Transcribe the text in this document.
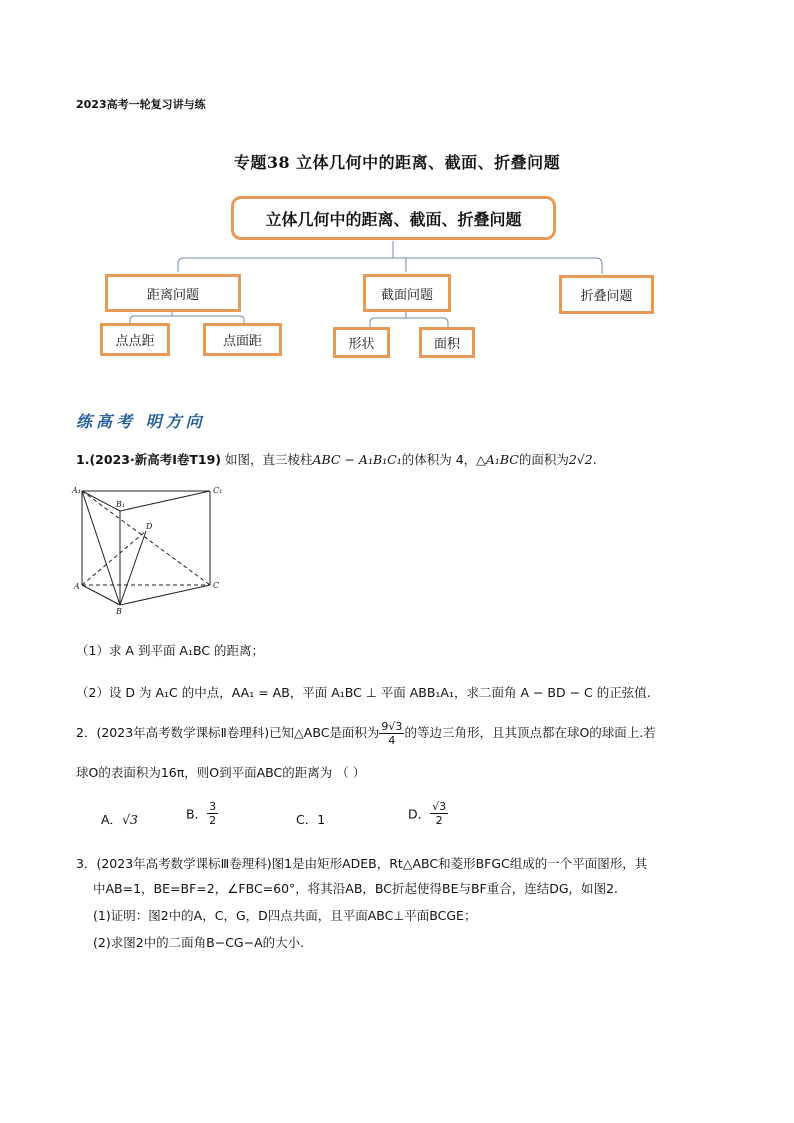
2023高考一轮复习讲与练
专题38 立体几何中的距离、截面、折叠问题
立体几何中的距离、截面、折叠问题
距离问题	截面问题	折叠问题
点点距	点面距	形状	面积
练高考 明方向
1.(2023·新高考Ⅰ卷T19) 如图，直三棱柱ABC − A₁B₁C₁的体积为 4，△A₁BC的面积为2√2.
A₁
B₁
C₁
A
B
C
D
（1）求 A 到平面 A₁BC 的距离；
（2）设 D 为 A₁C 的中点，AA₁ = AB，平面 A₁BC ⊥ 平面 ABB₁A₁，求二面角 A − BD − C 的正弦值.
2．(2023年高考数学课标Ⅱ卷理科)已知△ABC是面积为 $\frac{9√3}{4}$ 的等边三角形，且其顶点都在球O的球面上.若
球O的表面积为16π，则O到平面ABC的距离为 （ ）
A．√3	B． $\frac{3}{2}$	C．1	D． $\frac{√3}{2}$
3．(2023年高考数学课标Ⅲ卷理科)图1是由矩形ADEB，Rt△ABC和菱形BFGC组成的一个平面图形，其
中AB=1，BE=BF=2，∠FBC=60°，将其沿AB，BC折起使得BE与BF重合，连结DG，如图2.
(1)证明：图2中的A，C，G，D四点共面，且平面ABC⊥平面BCGE；
(2)求图2中的二面角B−CG−A的大小.
